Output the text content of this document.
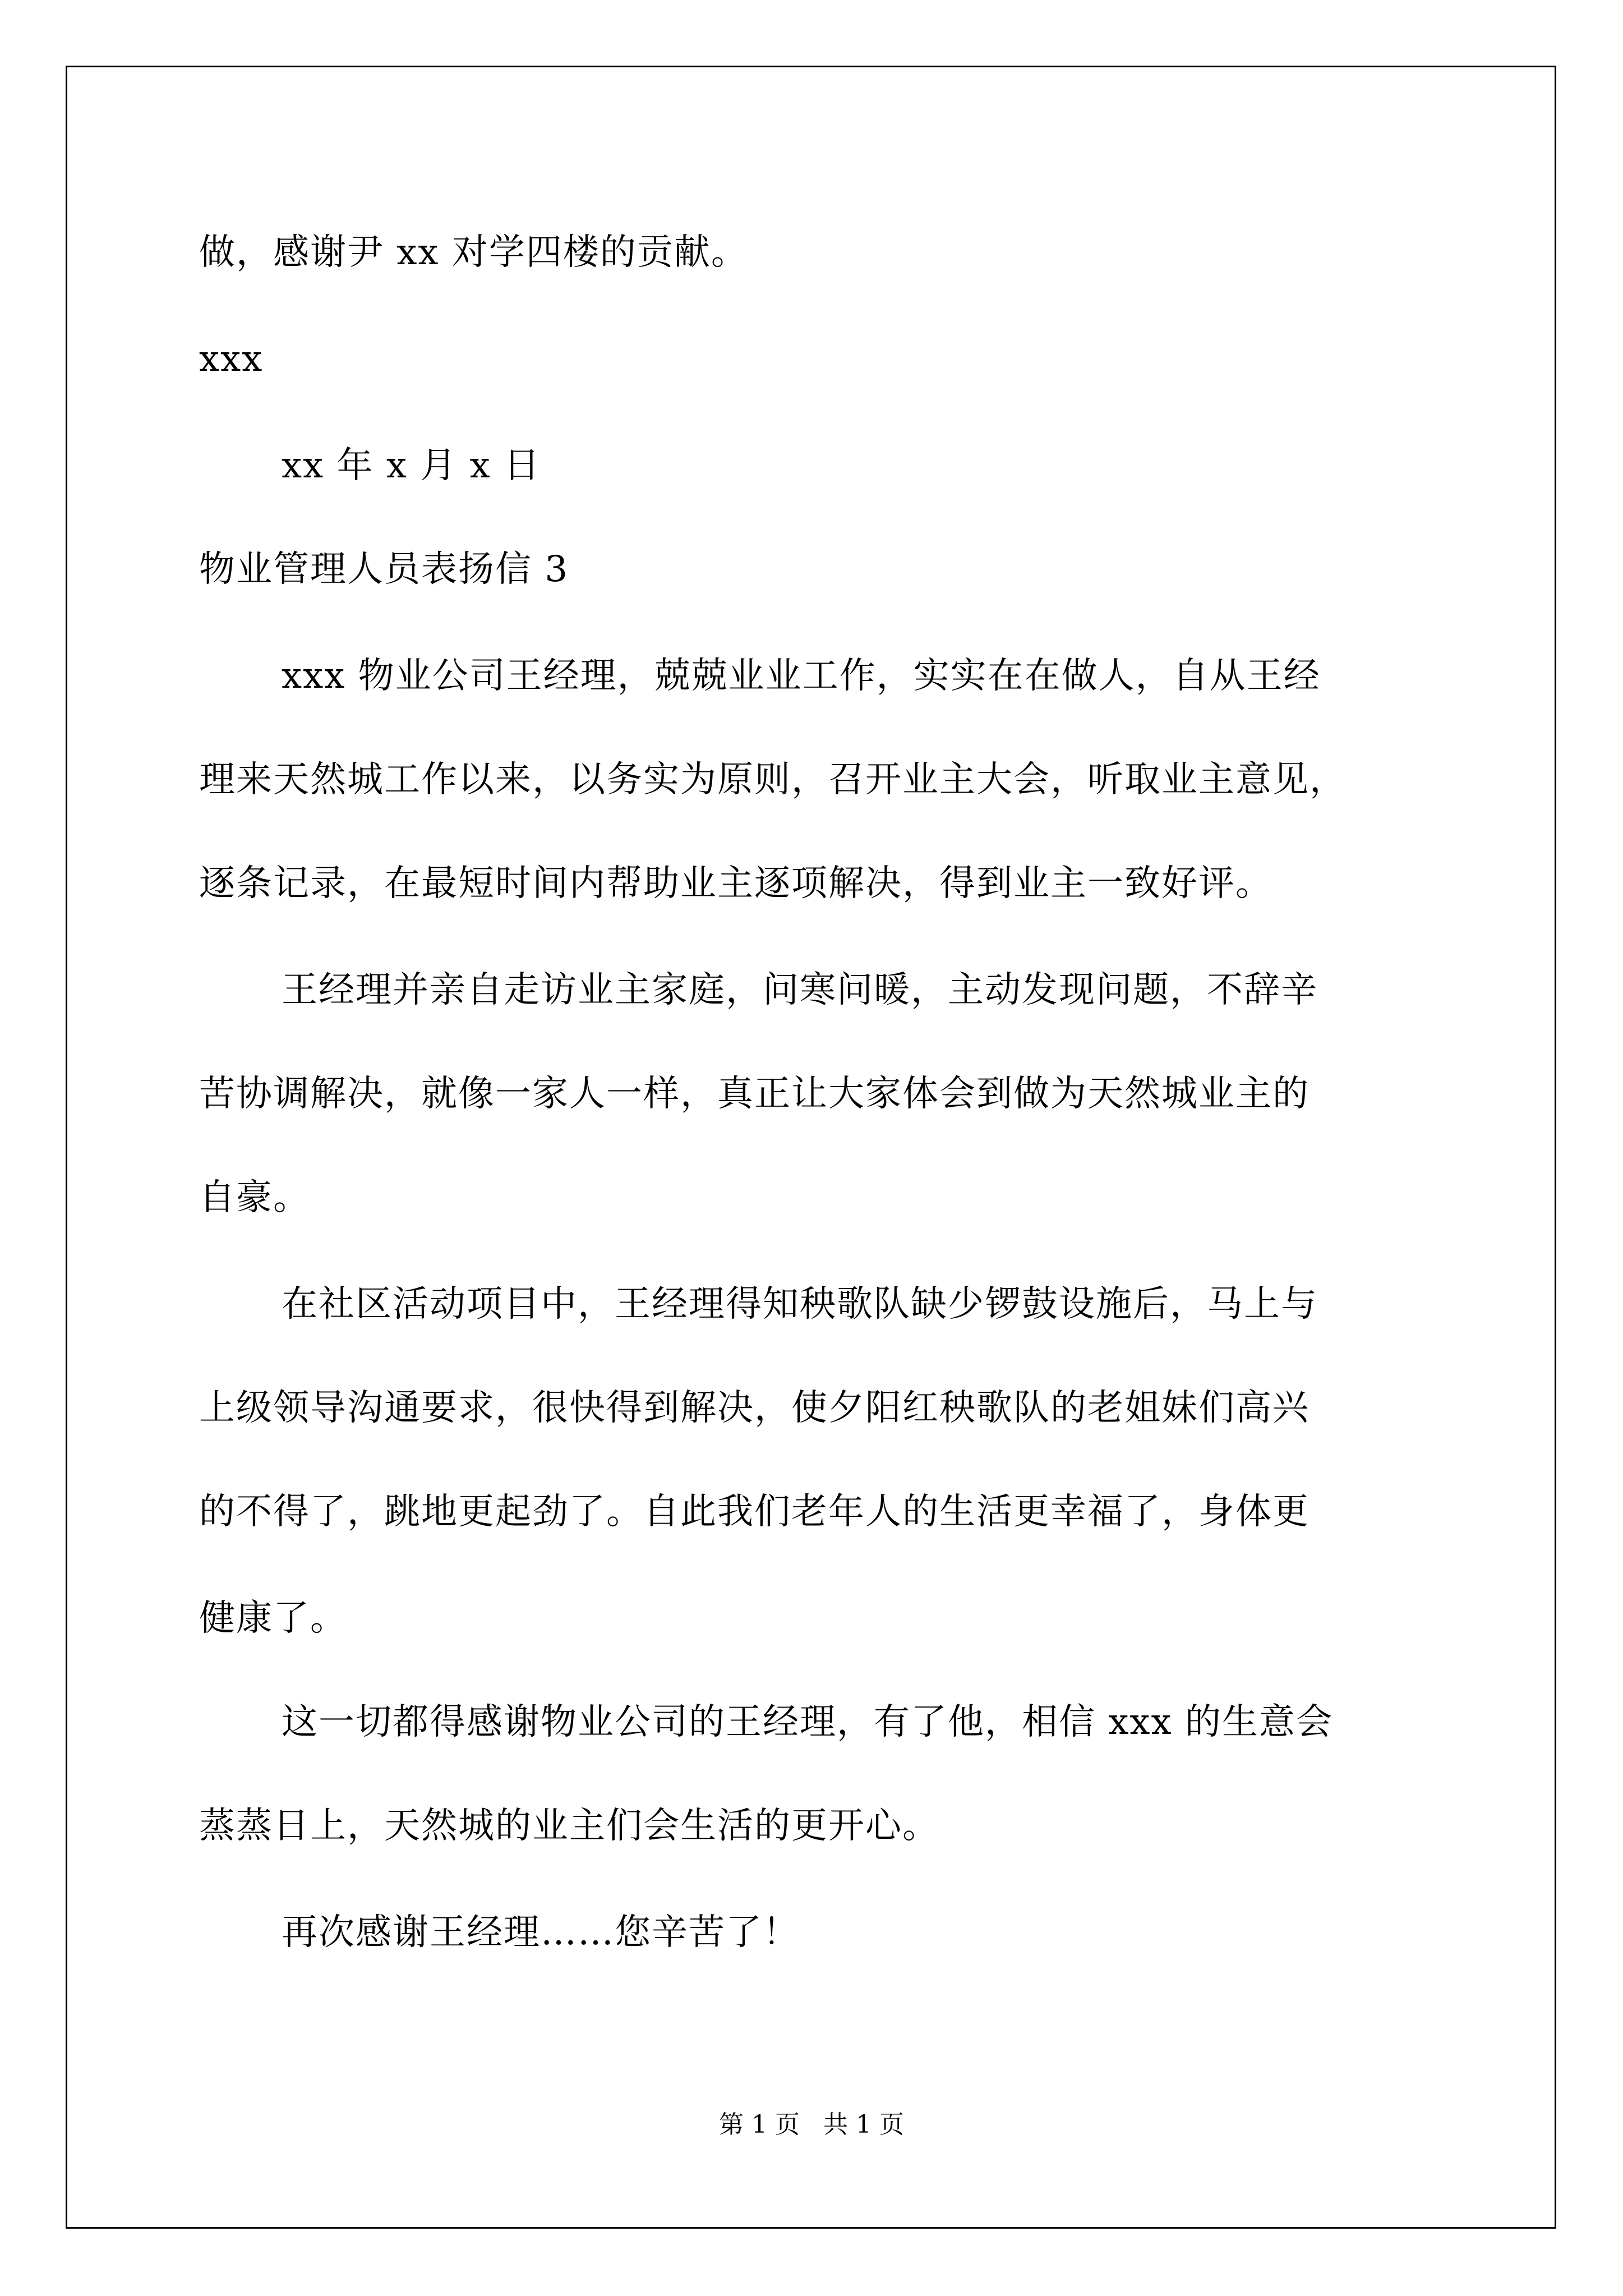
做，感谢尹 xx 对学四楼的贡献。
xxx
xx 年 x 月 x 日
物业管理人员表扬信 3
xxx 物业公司王经理，兢兢业业工作，实实在在做人，自从王经
理来天然城工作以来，以务实为原则，召开业主大会，听取业主意见，
逐条记录，在最短时间内帮助业主逐项解决，得到业主一致好评。
王经理并亲自走访业主家庭，问寒问暖，主动发现问题，不辞辛
苦协调解决，就像一家人一样，真正让大家体会到做为天然城业主的
自豪。
在社区活动项目中，王经理得知秧歌队缺少锣鼓设施后，马上与
上级领导沟通要求，很快得到解决，使夕阳红秧歌队的老姐妹们高兴
的不得了，跳地更起劲了。自此我们老年人的生活更幸福了，身体更
健康了。
这一切都得感谢物业公司的王经理，有了他，相信 xxx 的生意会
蒸蒸日上，天然城的业主们会生活的更开心。
再次感谢王经理……您辛苦了！
第 1 页   共 1 页
